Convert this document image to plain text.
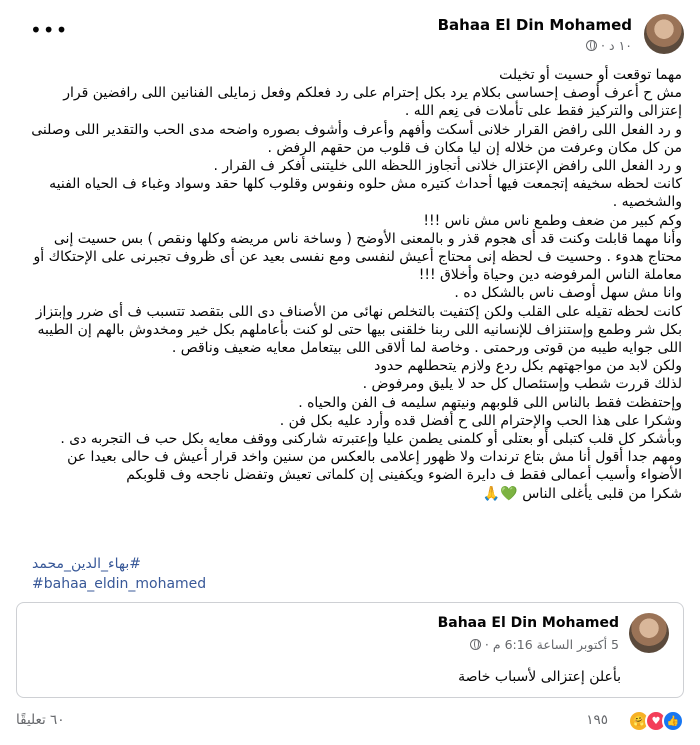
Bahaa El Din Mohamed
١٠ د
·
•••

مهما توقعت أو حسيت أو تخيلت

مش ح أعرف أوصف إحساسى بكلام يرد بكل إحترام على رد فعلكم وفعل زمايلى الفنانين اللى رافضين قرار إعتزالى والتركيز فقط على تأملات فى نِعم الله .

و رد الفعل اللى رافض القرار خلانى أسكت وأفهم وأعرف وأشوف بصوره واضحه مدى الحب والتقدير اللى وصلنى من كل مكان وعرفت من خلاله إن ليا مكان ف قلوب من حقهم الرفض .

و رد الفعل اللى رافض الإعتزال خلانى أتجاوز اللحظه اللى خليتنى أفكر ف القرار .

كانت لحظه سخيفه إتجمعت فيها أحداث كتيره مش حلوه ونفوس وقلوب كلها حقد وسواد وغباء ف الحياه الفنيه والشخصيه .

وكم كبير من ضعف وطمع ناس مش ناس !!!

وأنا مهما قابلت وكنت قد أى هجوم قذر و بالمعنى الأوضح ( وساخة ناس مريضه وكلها ونقص ) بس حسيت إنى محتاج هدوء . وحسيت ف لحظه إنى محتاج أعيش لنفسى ومع نفسى بعيد عن أى ظروف تجبرنى على الإحتكاك أو معاملة الناس المرفوضه دين وحياة وأخلاق !!!

وانا مش سهل أوصف ناس بالشكل ده .

كانت لحظه تقيله على القلب ولكن إكتفيت بالتخلص نهائى من الأصناف دى اللى بتقصد تتسبب ف أى ضرر وإبتزاز بكل شر وطمع وإستنزاف للإنسانيه اللى ربنا خلقنى بيها حتى لو كنت بأعاملهم بكل خير ومخدوش بالهم إن الطيبه اللى جوايه طيبه من قوتى ورحمتى . وخاصة لما ألاقى اللى بيتعامل معايه ضعيف وناقص .

ولكن لابد من مواجهتهم بكل ردع ولازم يتحطلهم حدود

لذلك قررت شطب وإستئصال كل حد لا يليق ومرفوض .

وإحتفظت فقط بالناس اللى قلوبهم ونيتهم سليمه ف الفن والحياه .

وشكرا على هذا الحب والإحترام اللى ح أفضل قده وأرد عليه بكل فن .

وبأشكر كل قلب كتبلى أو بعتلى أو كلمنى يطمن عليا وإعتبرته شاركنى ووقف معايه بكل حب ف التجربه دى .

ومهم جدا أقول أنا مش بتاع ترندات ولا ظهور إعلامى بالعكس من سنين واخد قرار أعيش ف حالى بعيدا عن الأضواء وأسيب أعمالى فقط ف دايرة الضوء ويكفينى إن كلماتى تعيش وتفضل ناجحه وف قلوبكم

شكرا من قلبى يأغلى الناس 💚🙏

#بهاء_الدين_محمد
#bahaa_eldin_mohamed
Bahaa El Din Mohamed
5 أكتوبر الساعة 6:16 م
·
بأعلن إعتزالى لأسباب خاصة
٦٠ تعليقًا	👍
♥
🤗
١٩٥
